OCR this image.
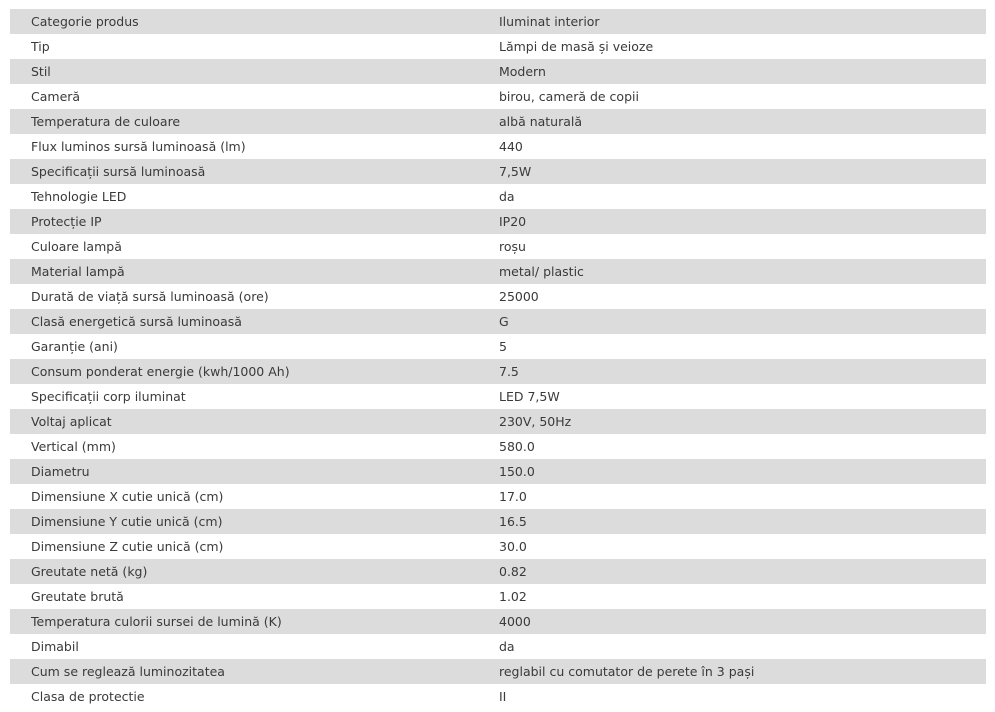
Categorie produs	Iluminat interior
Tip	Lămpi de masă și veioze
Stil	Modern
Cameră	birou, cameră de copii
Temperatura de culoare	albă naturală
Flux luminos sursă luminoasă (lm)	440
Specificații sursă luminoasă	7,5W
Tehnologie LED	da
Protecție IP	IP20
Culoare lampă	roșu
Material lampă	metal/ plastic
Durată de viață sursă luminoasă (ore)	25000
Clasă energetică sursă luminoasă	G
Garanție (ani)	5
Consum ponderat energie (kwh/1000 Ah)	7.5
Specificații corp iluminat	LED 7,5W
Voltaj aplicat	230V, 50Hz
Vertical (mm)	580.0
Diametru	150.0
Dimensiune X cutie unică (cm)	17.0
Dimensiune Y cutie unică (cm)	16.5
Dimensiune Z cutie unică (cm)	30.0
Greutate netă (kg)	0.82
Greutate brută	1.02
Temperatura culorii sursei de lumină (K)	4000
Dimabil	da
Cum se reglează luminozitatea	reglabil cu comutator de perete în 3 pași
Clasa de protectie	II
